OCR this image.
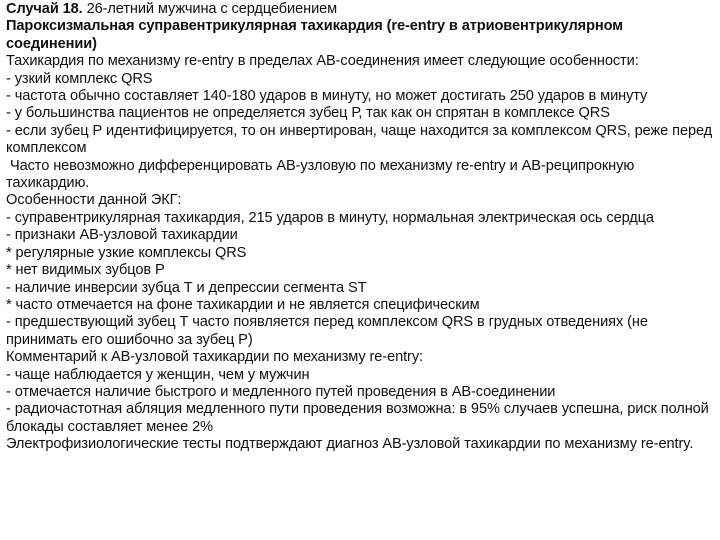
Случай 18. 26-летний мужчина с сердцебиением
Пароксизмальная суправентрикулярная тахикардия (re-entry в атриовентрикулярном соединении)
Тахикардия по механизму re-entry в пределах АВ-соединения имеет следующие особенности:
- узкий комплекс QRS
- частота обычно составляет 140-180 ударов в минуту, но может достигать 250 ударов в минуту
- у большинства пациентов не определяется зубец Р, так как он спрятан в комплексе QRS
- если зубец Р идентифицируется, то он инвертирован, чаще находится за комплексом QRS, реже перед комплексом
Часто невозможно дифференцировать АВ-узловую по механизму re-entry и АВ-реципрокную тахикардию.
Особенности данной ЭКГ:
- суправентрикулярная тахикардия, 215 ударов в минуту, нормальная электрическая ось сердца
- признаки АВ-узловой тахикардии
* регулярные узкие комплексы QRS
* нет видимых зубцов Р
- наличие инверсии зубца Т и депрессии сегмента ST
* часто отмечается на фоне тахикардии и не является специфическим
- предшествующий зубец Т часто появляется перед комплексом QRS в грудных отведениях (не принимать его ошибочно за зубец Р)
Комментарий к АВ-узловой тахикардии по механизму re-entry:
- чаще наблюдается у женщин, чем у мужчин
- отмечается наличие быстрого и медленного путей проведения в АВ-соединении
- радиочастотная абляция медленного пути проведения возможна: в 95% случаев успешна, риск полной блокады составляет менее 2%
Электрофизиологические тесты подтверждают диагноз АВ-узловой тахикардии по механизму re-entry.
